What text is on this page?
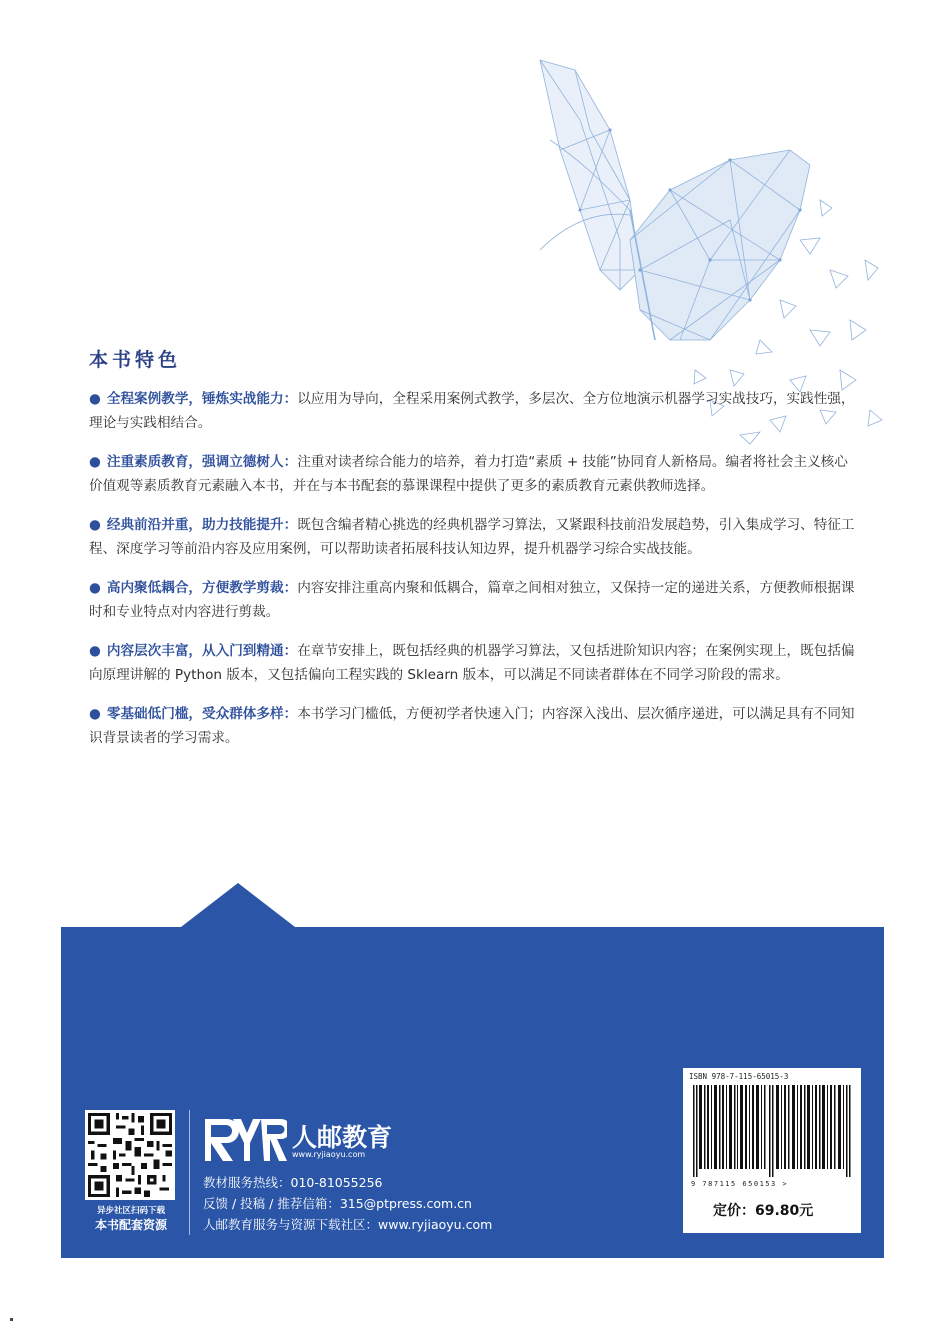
本书特色

● 全程案例教学，锤炼实战能力：以应用为导向，全程采用案例式教学，多层次、全方位地演示机器学习实战技巧，实践性强，理论与实践相结合。

● 注重素质教育，强调立德树人：注重对读者综合能力的培养，着力打造“素质 + 技能”协同育人新格局。编者将社会主义核心价值观等素质教育元素融入本书，并在与本书配套的慕课课程中提供了更多的素质教育元素供教师选择。

● 经典前沿并重，助力技能提升：既包含编者精心挑选的经典机器学习算法，又紧跟科技前沿发展趋势，引入集成学习、特征工程、深度学习等前沿内容及应用案例，可以帮助读者拓展科技认知边界，提升机器学习综合实战技能。

● 高内聚低耦合，方便教学剪裁：内容安排注重高内聚和低耦合，篇章之间相对独立，又保持一定的递进关系，方便教师根据课时和专业特点对内容进行剪裁。

● 内容层次丰富，从入门到精通：在章节安排上，既包括经典的机器学习算法，又包括进阶知识内容；在案例实现上，既包括偏向原理讲解的 Python 版本，又包括偏向工程实践的 Sklearn 版本，可以满足不同读者群体在不同学习阶段的需求。

● 零基础低门槛，受众群体多样：本书学习门槛低，方便初学者快速入门；内容深入浅出、层次循序递进，可以满足具有不同知识背景读者的学习需求。

异步社区扫码下载
本书配套资源
人邮教育
www.ryjiaoyu.com
教材服务热线：010-81055256
反馈 / 投稿 / 推荐信箱：315@ptpress.com.cn
人邮教育服务与资源下载社区：www.ryjiaoyu.com
ISBN 978-7-115-65015-3
9 787115 650153 >
定价：69.80元
